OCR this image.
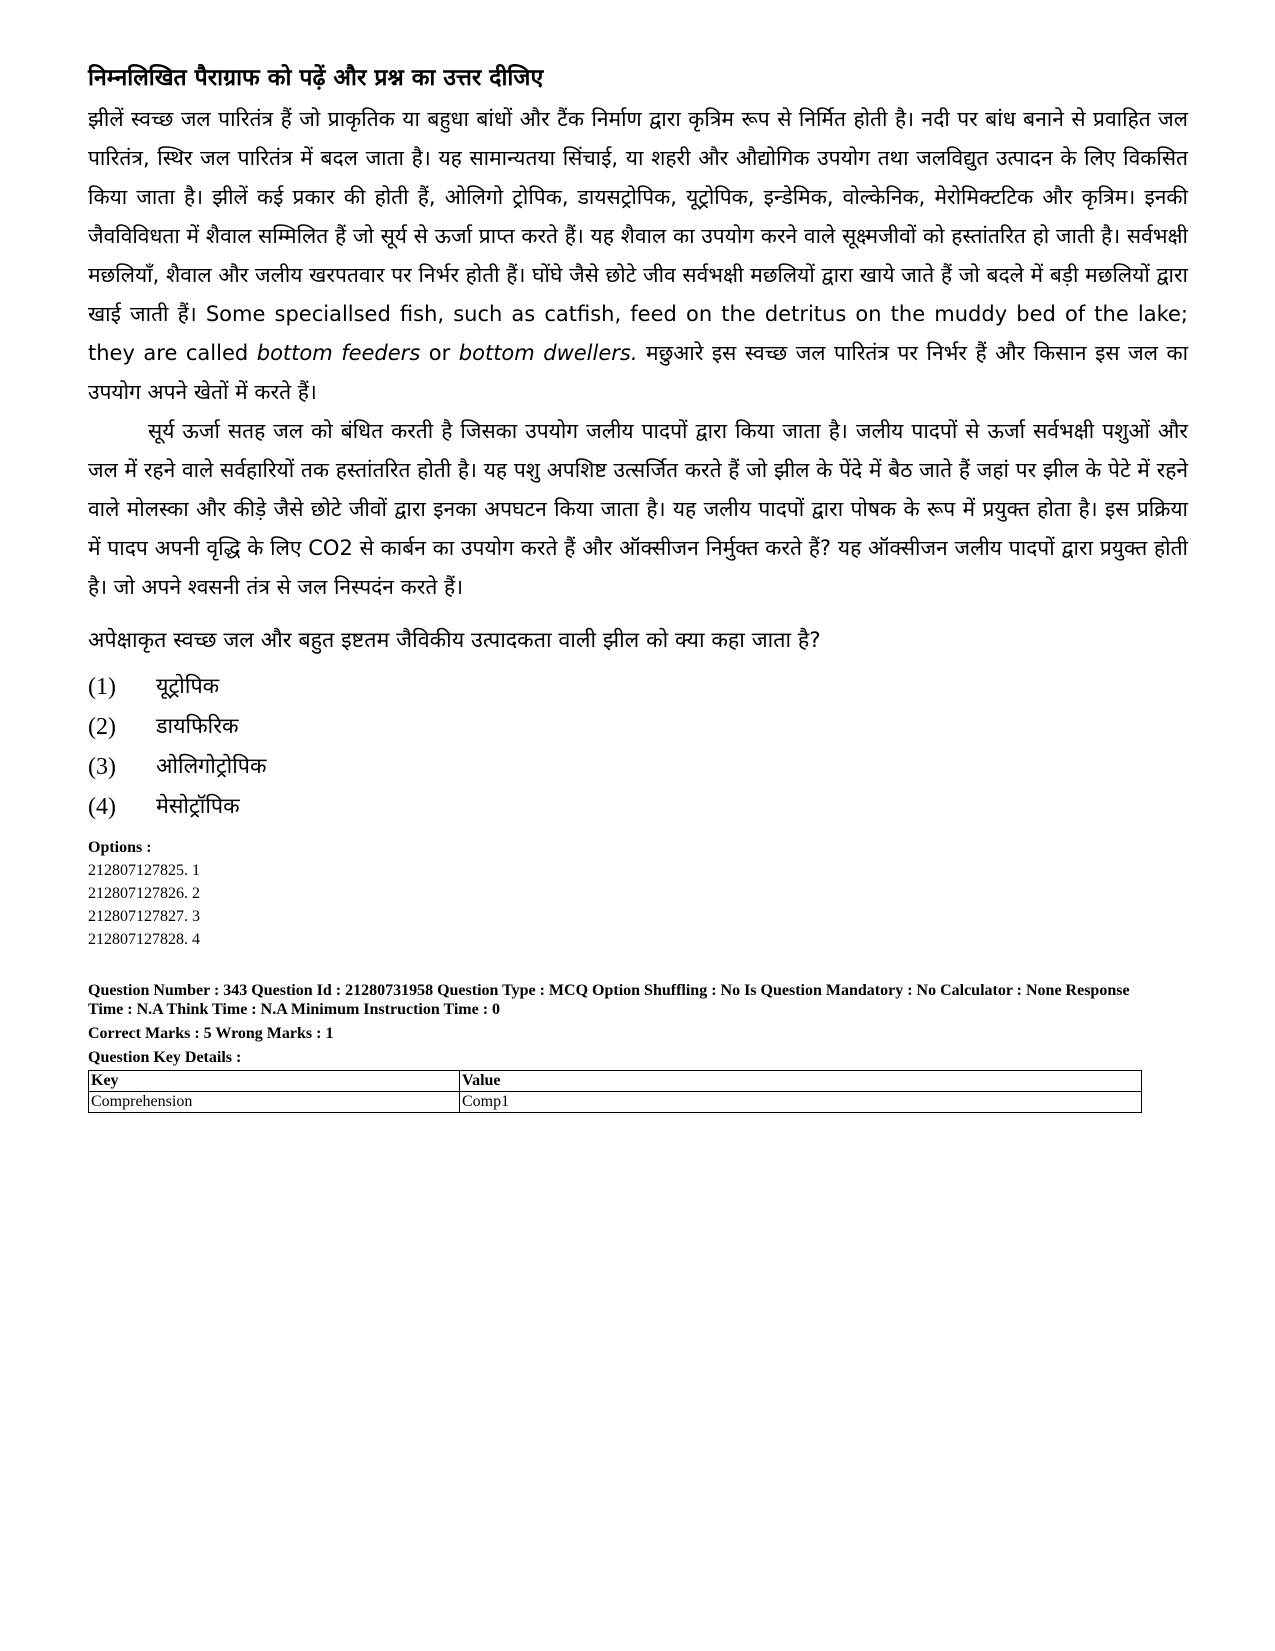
निम्नलिखित पैराग्राफ को पढ़ें और प्रश्न का उत्तर दीजिए

झीलें स्वच्छ जल पारितंत्र हैं जो प्राकृतिक या बहुधा बांधों और टैंक निर्माण द्वारा कृत्रिम रूप से निर्मित होती है। नदी पर बांध बनाने से प्रवाहित जल पारितंत्र, स्थिर जल पारितंत्र में बदल जाता है। यह सामान्यतया सिंचाई, या शहरी और औद्योगिक उपयोग तथा जलविद्युत उत्पादन के लिए विकसित किया जाता है। झीलें कई प्रकार की होती हैं, ओलिगो ट्रोपिक, डायसट्रोपिक, यूट्रोपिक, इन्डेमिक, वोल्केनिक, मेरोमिक्टटिक और कृत्रिम। इनकी जैवविविधता में शैवाल सम्मिलित हैं जो सूर्य से ऊर्जा प्राप्त करते हैं। यह शैवाल का उपयोग करने वाले सूक्ष्मजीवों को हस्तांतरित हो जाती है। सर्वभक्षी मछलियाँ, शैवाल और जलीय खरपतवार पर निर्भर होती हैं। घोंघे जैसे छोटे जीव सर्वभक्षी मछलियों द्वारा खाये जाते हैं जो बदले में बड़ी मछलियों द्वारा खाई जाती हैं। Some speciallsed fish, such as catfish, feed on the detritus on the muddy bed of the lake; they are called bottom feeders or bottom dwellers. मछुआरे इस स्वच्छ जल पारितंत्र पर निर्भर हैं और किसान इस जल का उपयोग अपने खेतों में करते हैं।

सूर्य ऊर्जा सतह जल को बंधित करती है जिसका उपयोग जलीय पादपों द्वारा किया जाता है। जलीय पादपों से ऊर्जा सर्वभक्षी पशुओं और जल में रहने वाले सर्वहारियों तक हस्तांतरित होती है। यह पशु अपशिष्ट उत्सर्जित करते हैं जो झील के पेंदे में बैठ जाते हैं जहां पर झील के पेटे में रहने वाले मोलस्का और कीड़े जैसे छोटे जीवों द्वारा इनका अपघटन किया जाता है। यह जलीय पादपों द्वारा पोषक के रूप में प्रयुक्त होता है। इस प्रक्रिया में पादप अपनी वृद्धि के लिए CO2 से कार्बन का उपयोग करते हैं और ऑक्सीजन निर्मुक्त करते हैं? यह ऑक्सीजन जलीय पादपों द्वारा प्रयुक्त होती है। जो अपने श्वसनी तंत्र से जल निस्पदंन करते हैं।

अपेक्षाकृत स्वच्छ जल और बहुत इष्टतम जैविकीय उत्पादकता वाली झील को क्या कहा जाता है?
(1)	यूट्रोपिक
(2)	डायफिरिक
(3)	ओलिगोट्रोपिक
(4)	मेसोट्रॉपिक
Options :
212807127825. 1
212807127826. 2
212807127827. 3
212807127828. 4
Question Number : 343 Question Id : 21280731958 Question Type : MCQ Option Shuffling : No Is Question Mandatory : No Calculator : None Response Time : N.A Think Time : N.A Minimum Instruction Time : 0
Correct Marks : 5 Wrong Marks : 1
Question Key Details :
Key	Value
Comprehension	Comp1
